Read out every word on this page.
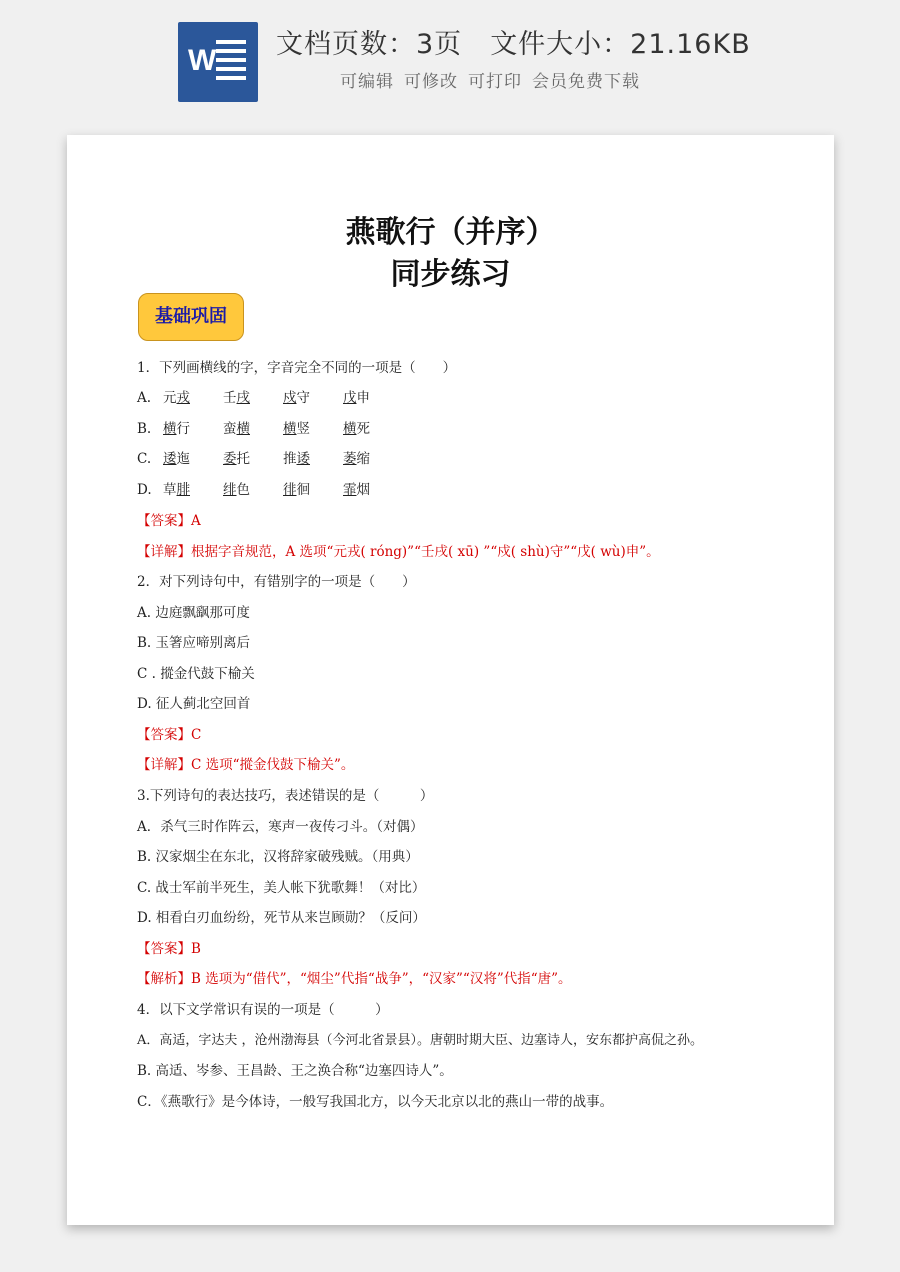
W 文档页数：3页 文件大小：21.16KB
可编辑 可修改 可打印 会员免费下载
燕歌行（并序）
同步练习
基础巩固
1．下列画横线的字，字音完全不同的一项是（　　）
A. 元戎 壬戌 戍守 戊申
B. 横行 蛮横 横竖 横死
C. 逶迤 委托 推诿 萎缩
D. 草腓 绯色 徘徊 霏烟
【答案】A
【详解】根据字音规范，A 选项“元戎( róng)”“壬戌( xū) ”“戍( shù)守”“戊( wù)申”。
2．对下列诗句中，有错别字的一项是（　　）
A. 边庭飘飖那可度
B. 玉箸应啼别离后
C . 摐金代鼓下榆关
D. 征人蓟北空回首
【答案】C
【详解】C 选项“摐金伐鼓下榆关”。
3.下列诗句的表达技巧，表述错误的是（　　　）
A．杀气三时作阵云，寒声一夜传刁斗。（对偶）
B. 汉家烟尘在东北，汉将辞家破残贼。（用典）
C. 战士军前半死生，美人帐下犹歌舞！（对比）
D. 相看白刃血纷纷，死节从来岂顾勋？（反问）
【答案】B
【解析】B 选项为“借代”，“烟尘”代指“战争”，“汉家”“汉将”代指“唐”。
4．以下文学常识有误的一项是（　　　）
A．高适，字达夫 ，沧州渤海县（今河北省景县）。唐朝时期大臣、边塞诗人，安东都护高侃之孙。
B. 高适、岑参、王昌龄、王之涣合称“边塞四诗人”。
C．《燕歌行》是今体诗，一般写我国北方，以今天北京以北的燕山一带的战事。
